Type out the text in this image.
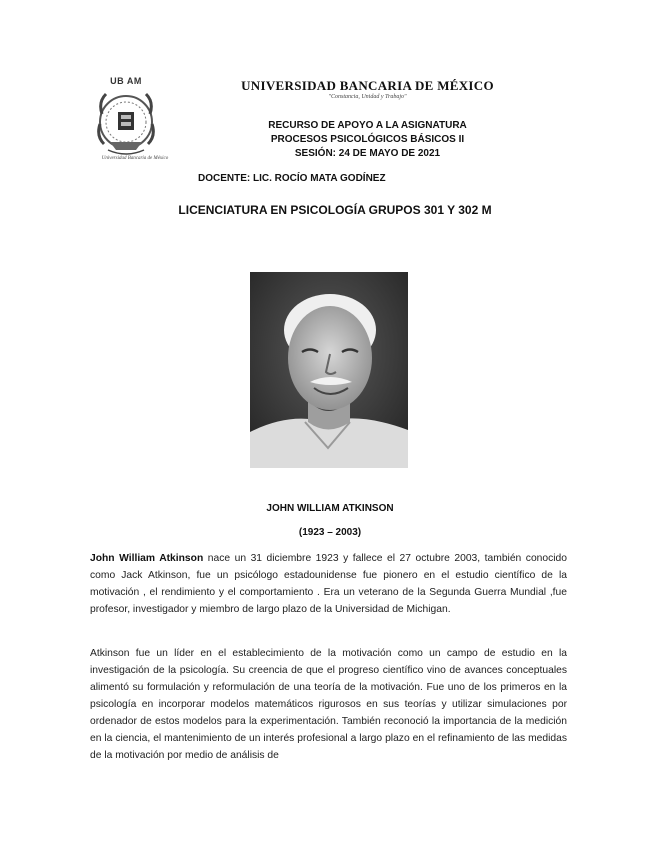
UB AM
Universidad Bancaria de México
UNIVERSIDAD BANCARIA DE MÉXICO
"Constancia, Unidad y Trabajo"
RECURSO DE APOYO A LA ASIGNATURA
PROCESOS PSICOLÓGICOS BÁSICOS II
SESIÓN: 24 DE MAYO DE 2021
DOCENTE: LIC. ROCÍO MATA GODÍNEZ
LICENCIATURA EN PSICOLOGÍA GRUPOS 301 Y 302 M
JOHN WILLIAM ATKINSON
(1923 – 2003)
John William Atkinson nace un 31 diciembre 1923 y fallece el 27 octubre 2003, también conocido como Jack Atkinson, fue un psicólogo estadounidense fue pionero en el estudio científico de la motivación , el rendimiento y el comportamiento . Era un veterano de la Segunda Guerra Mundial ,fue profesor, investigador y miembro de largo plazo de la Universidad de Michigan.
Atkinson fue un líder en el establecimiento de la motivación como un campo de estudio en la investigación de la psicología. Su creencia de que el progreso científico vino de avances conceptuales alimentó su formulación y reformulación de una teoría de la motivación. Fue uno de los primeros en la psicología en incorporar modelos matemáticos rigurosos en sus teorías y utilizar simulaciones por ordenador de estos modelos para la experimentación. También reconoció la importancia de la medición en la ciencia, el mantenimiento de un interés profesional a largo plazo en el refinamiento de las medidas de la motivación por medio de análisis de
